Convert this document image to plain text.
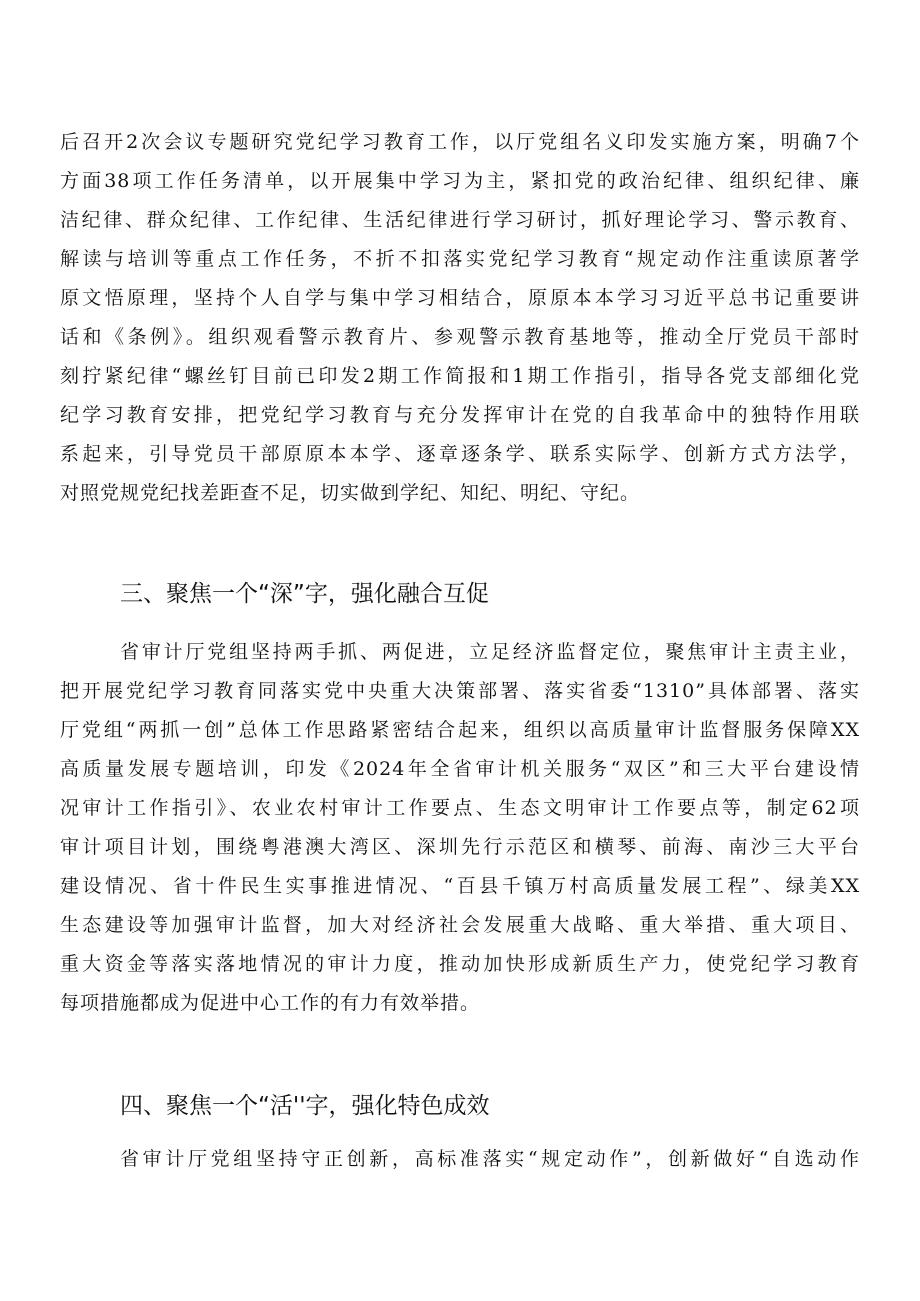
后召开2次会议专题研究党纪学习教育工作，以厅党组名义印发实施方案，明确7个
方面38项工作任务清单，以开展集中学习为主，紧扣党的政治纪律、组织纪律、廉
洁纪律、群众纪律、工作纪律、生活纪律进行学习研讨，抓好理论学习、警示教育、
解读与培训等重点工作任务，不折不扣落实党纪学习教育“规定动作注重读原著学
原文悟原理，坚持个人自学与集中学习相结合，原原本本学习习近平总书记重要讲
话和《条例》。组织观看警示教育片、参观警示教育基地等，推动全厅党员干部时
刻拧紧纪律“螺丝钉目前已印发2期工作简报和1期工作指引，指导各党支部细化党
纪学习教育安排，把党纪学习教育与充分发挥审计在党的自我革命中的独特作用联
系起来，引导党员干部原原本本学、逐章逐条学、联系实际学、创新方式方法学，
对照党规党纪找差距查不足，切实做到学纪、知纪、明纪、守纪。
三、聚焦一个“深”字，强化融合互促
省审计厅党组坚持两手抓、两促进，立足经济监督定位，聚焦审计主责主业，
把开展党纪学习教育同落实党中央重大决策部署、落实省委“1310”具体部署、落实
厅党组“两抓一创”总体工作思路紧密结合起来，组织以高质量审计监督服务保障XX
高质量发展专题培训，印发《2024年全省审计机关服务“双区”和三大平台建设情
况审计工作指引》、农业农村审计工作要点、生态文明审计工作要点等，制定62项
审计项目计划，围绕粤港澳大湾区、深圳先行示范区和横琴、前海、南沙三大平台
建设情况、省十件民生实事推进情况、“百县千镇万村高质量发展工程”、绿美XX
生态建设等加强审计监督，加大对经济社会发展重大战略、重大举措、重大项目、
重大资金等落实落地情况的审计力度，推动加快形成新质生产力，使党纪学习教育
每项措施都成为促进中心工作的有力有效举措。
四、聚焦一个“活''字，强化特色成效
省审计厅党组坚持守正创新，高标准落实“规定动作”，创新做好“自选动作
